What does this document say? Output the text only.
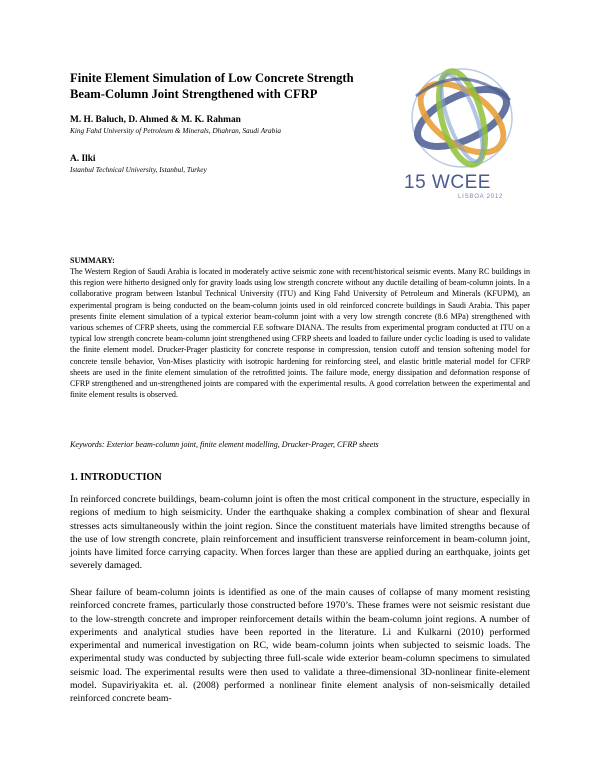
Finite Element Simulation of Low Concrete Strength
Beam-Column Joint Strengthened with CFRP

M. H. Baluch, D. Ahmed & M. K. Rahman

King Fahd University of Petroleum & Minerals, Dhahran, Saudi Arabia

A. Ilki

Istanbul Technical University, Istanbul, Turkey

15 WCEE
LISBOA 2012
SUMMARY:

The Western Region of Saudi Arabia is located in moderately active seismic zone with recent/historical seismic events. Many RC buildings in this region were hitherto designed only for gravity loads using low strength concrete without any ductile detailing of beam-column joints. In a collaborative program between Istanbul Technical University (ITU) and King Fahd University of Petroleum and Minerals (KFUPM), an experimental program is being conducted on the beam-column joints used in old reinforced concrete buildings in Saudi Arabia. This paper presents finite element simulation of a typical exterior beam-column joint with a very low strength concrete (8.6 MPa) strengthened with various schemes of CFRP sheets, using the commercial F.E software DIANA. The results from experimental program conducted at ITU on a typical low strength concrete beam-column joint strengthened using CFRP sheets and loaded to failure under cyclic loading is used to validate the finite element model. Drucker-Prager plasticity for concrete response in compression, tension cutoff and tension softening model for concrete tensile behavior, Von-Mises plasticity with isotropic hardening for reinforcing steel, and elastic brittle material model for CFRP sheets are used in the finite element simulation of the retrofitted joints. The failure mode, energy dissipation and deformation response of CFRP strengthened and un-strengthened joints are compared with the experimental results. A good correlation between the experimental and finite element results is observed.

Keywords: Exterior beam-column joint, finite element modelling, Drucker-Prager, CFRP sheets
1. INTRODUCTION

In reinforced concrete buildings, beam-column joint is often the most critical component in the structure, especially in regions of medium to high seismicity. Under the earthquake shaking a complex combination of shear and flexural stresses acts simultaneously within the joint region. Since the constituent materials have limited strengths because of the use of low strength concrete, plain reinforcement and insufficient transverse reinforcement in beam-column joint, joints have limited force carrying capacity. When forces larger than these are applied during an earthquake, joints get severely damaged.

Shear failure of beam-column joints is identified as one of the main causes of collapse of many moment resisting reinforced concrete frames, particularly those constructed before 1970’s. These frames were not seismic resistant due to the low-strength concrete and improper reinforcement details within the beam-column joint regions. A number of experiments and analytical studies have been reported in the literature. Li and Kulkarni (2010) performed experimental and numerical investigation on RC, wide beam-column joints when subjected to seismic loads. The experimental study was conducted by subjecting three full-scale wide exterior beam-column specimens to simulated seismic load. The experimental results were then used to validate a three-dimensional 3D-nonlinear finite-element model. Supaviriyakita et. al. (2008) performed a nonlinear finite element analysis of non-seismically detailed reinforced concrete beam-
